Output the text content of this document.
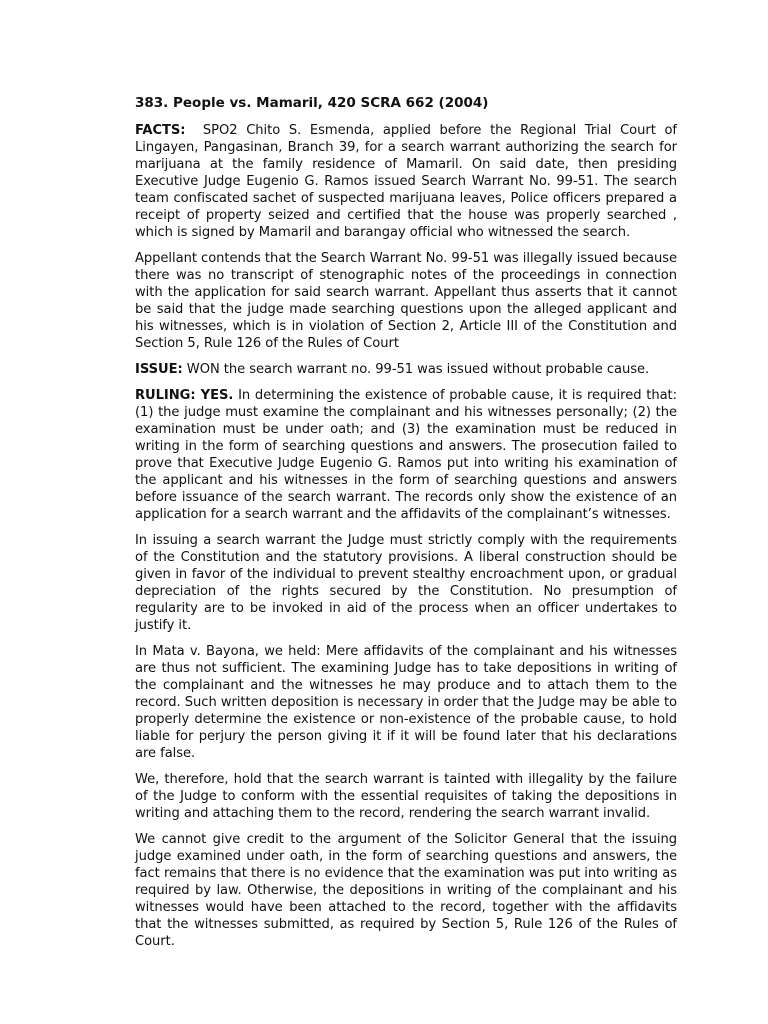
383. People vs. Mamaril, 420 SCRA 662 (2004)

FACTS: SPO2 Chito S. Esmenda, applied before the Regional Trial Court of Lingayen, Pangasinan, Branch 39, for a search warrant authorizing the search for marijuana at the family residence of Mamaril. On said date, then presiding Executive Judge Eugenio G. Ramos issued Search Warrant No. 99-51. The search team confiscated sachet of suspected marijuana leaves, Police officers prepared a receipt of property seized and certified that the house was properly searched , which is signed by Mamaril and barangay official who witnessed the search.

Appellant contends that the Search Warrant No. 99-51 was illegally issued because there was no transcript of stenographic notes of the proceedings in connection with the application for said search warrant. Appellant thus asserts that it cannot be said that the judge made searching questions upon the alleged applicant and his witnesses, which is in violation of Section 2, Article III of the Constitution and Section 5, Rule 126 of the Rules of Court

ISSUE: WON the search warrant no. 99-51 was issued without probable cause.

RULING: YES. In determining the existence of probable cause, it is required that: (1) the judge must examine the complainant and his witnesses personally; (2) the examination must be under oath; and (3) the examination must be reduced in writing in the form of searching questions and answers. The prosecution failed to prove that Executive Judge Eugenio G. Ramos put into writing his examination of the applicant and his witnesses in the form of searching questions and answers before issuance of the search warrant. The records only show the existence of an application for a search warrant and the affidavits of the complainant’s witnesses.

In issuing a search warrant the Judge must strictly comply with the requirements of the Constitution and the statutory provisions. A liberal construction should be given in favor of the individual to prevent stealthy encroachment upon, or gradual depreciation of the rights secured by the Constitution. No presumption of regularity are to be invoked in aid of the process when an officer undertakes to justify it.

In Mata v. Bayona, we held: Mere affidavits of the complainant and his witnesses are thus not sufficient. The examining Judge has to take depositions in writing of the complainant and the witnesses he may produce and to attach them to the record. Such written deposition is necessary in order that the Judge may be able to properly determine the existence or non-existence of the probable cause, to hold liable for perjury the person giving it if it will be found later that his declarations are false.

We, therefore, hold that the search warrant is tainted with illegality by the failure of the Judge to conform with the essential requisites of taking the depositions in writing and attaching them to the record, rendering the search warrant invalid.

We cannot give credit to the argument of the Solicitor General that the issuing judge examined under oath, in the form of searching questions and answers, the fact remains that there is no evidence that the examination was put into writing as required by law. Otherwise, the depositions in writing of the complainant and his witnesses would have been attached to the record, together with the affidavits that the witnesses submitted, as required by Section 5, Rule 126 of the Rules of Court.
